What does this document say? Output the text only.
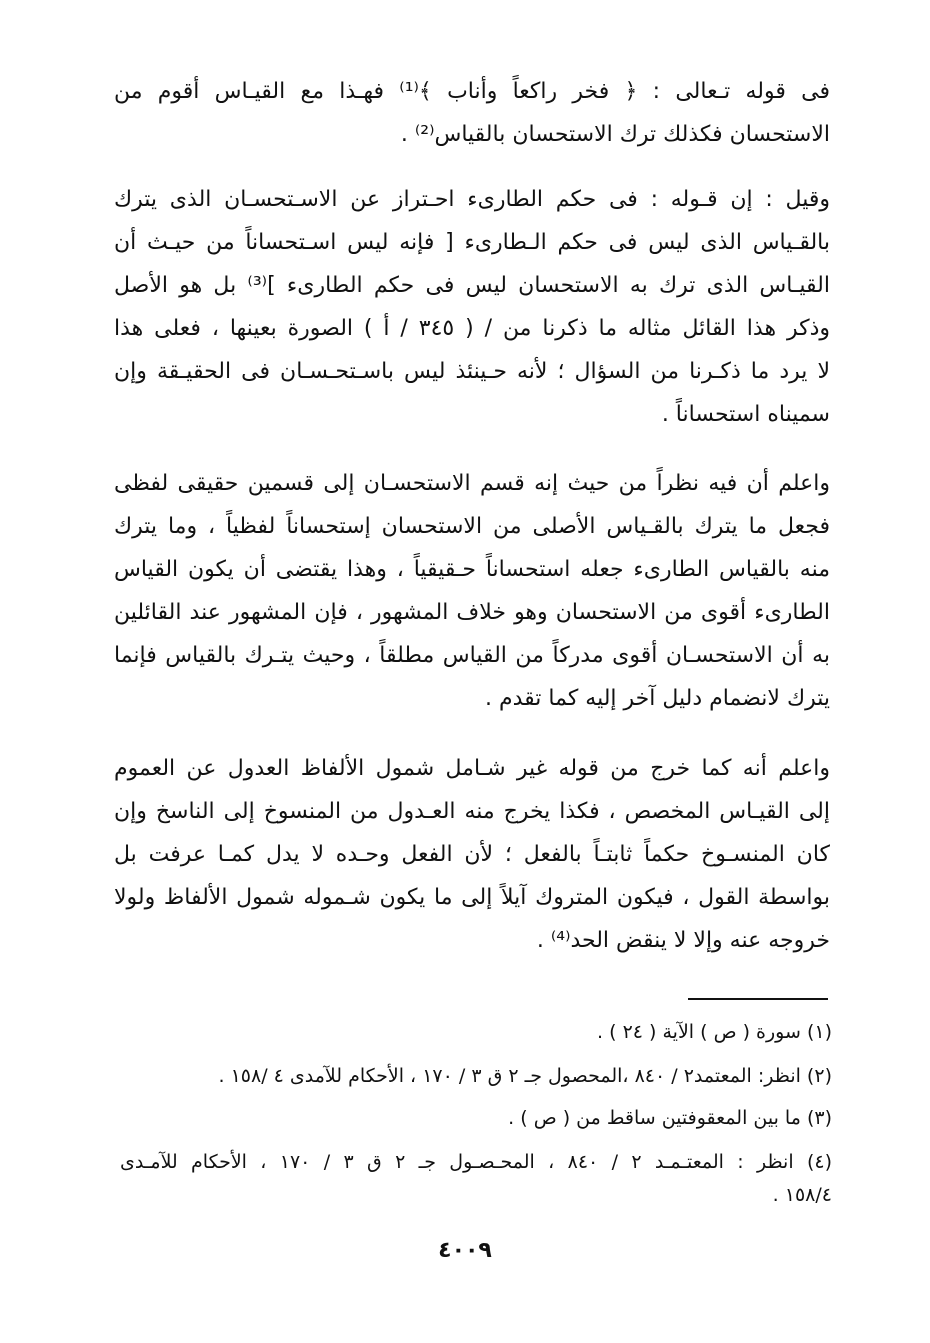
فى قوله تـعالى : ﴿ فخر راكعاً وأناب ﴾⁽¹⁾ فهـذا مع القيـاس أقوم من
الاستحسان فكذلك ترك الاستحسان بالقياس⁽²⁾ .
وقيل : إن قـوله : فى حكم الطارىء احـتراز عن الاسـتحسـان الذى يترك
بالقـياس الذى ليس فى حكم الـطارىء [ فإنه ليس اسـتحساناً من حيـث أن
القيـاس الذى ترك به الاستحسان ليس فى حكم الطارىء ]⁽³⁾ بل هو الأصل
وذكر هذا القائل مثاله ما ذكرنا من / ( ٣٤٥ / أ ) الصورة بعينها ، فعلى هذا
لا يرد ما ذكـرنا من السؤال ؛ لأنه حـينئذ ليس باسـتحـسـان فى الحقيـقة وإن
سميناه استحساناً .
واعلم أن فيه نظراً من حيث إنه قسم الاستحسـان إلى قسمين حقيقى لفظى
فجعل ما يترك بالقـياس الأصلى من الاستحسان إستحساناً لفظياً ، وما يترك
منه بالقياس الطارىء جعله استحساناً حـقيقياً ، وهذا يقتضى أن يكون القياس
الطارىء أقوى من الاستحسان وهو خلاف المشهور ، فإن المشهور عند القائلين
به أن الاستحسـان أقوى مدركاً من القياس مطلقاً ، وحيث يتـرك بالقياس فإنما
يترك لانضمام دليل آخر إليه كما تقدم .
واعلم أنه كما خرج من قوله غير شـامل شمول الألفاظ العدول عن العموم
إلى القيـاس المخصص ، فكذا يخرج منه العـدول من المنسوخ إلى الناسخ وإن
كان المنسـوخ حكماً ثابتـاً بالفعل ؛ لأن الفعل وحـده لا يدل كمـا عرفت بل
بواسطة القول ، فيكون المتروك آيلاً إلى ما يكون شـموله شمول الألفاظ ولولا
خروجه عنه وإلا لا ينقض الحد⁽⁴⁾ .
(١) سورة ( ص ) الآية ( ٢٤ ) .
(٢) انظر: المعتمد٢ / ٨٤٠ ،المحصول جـ ٢ ق ٣ / ١٧٠ ، الأحكام للآمدى ٤ /١٥٨ .
(٣) ما بين المعقوفتين ساقط من ( ص ) .
(٤) انظر : المعتـمـد ٢ / ٨٤٠ ، المحـصـول جـ ٢ ق ٣ / ١٧٠ ، الأحكام للآمـدى
١٥٨/٤ .
٤٠٠٩
